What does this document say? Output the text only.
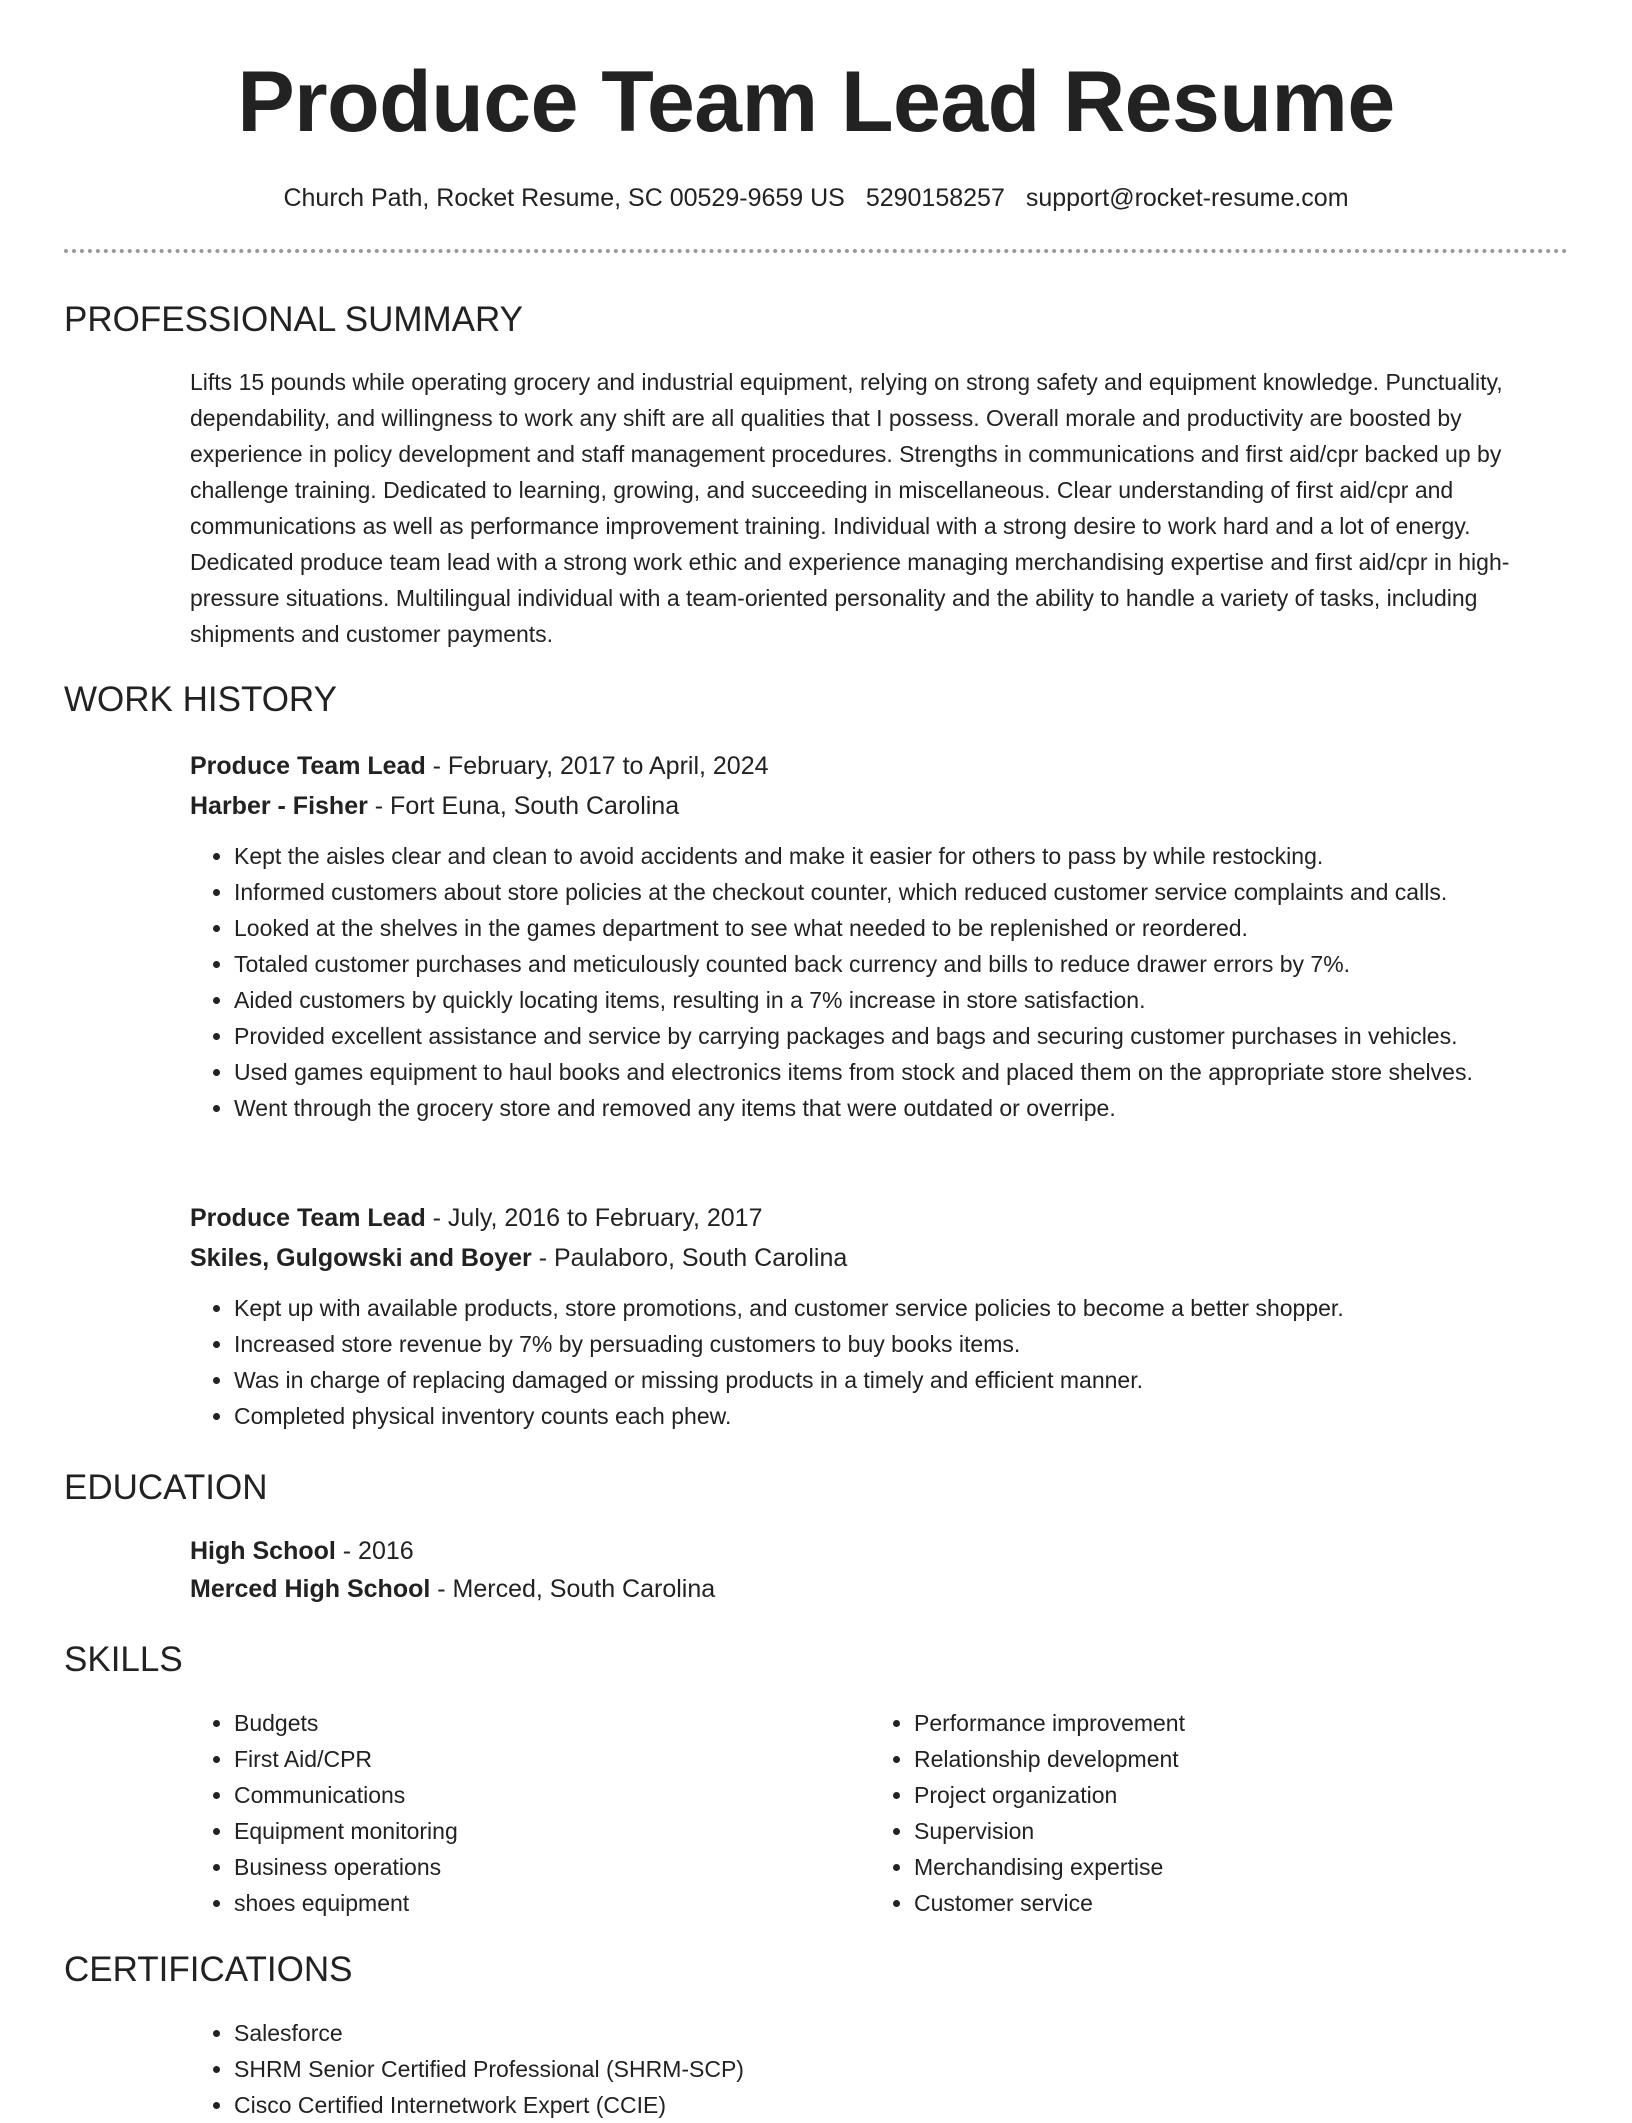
Produce Team Lead Resume
Church Path, Rocket Resume, SC 00529-9659 US 5290158257 support@rocket-resume.com
PROFESSIONAL SUMMARY

Lifts 15 pounds while operating grocery and industrial equipment, relying on strong safety and equipment knowledge. Punctuality, dependability, and willingness to work any shift are all qualities that I possess. Overall morale and productivity are boosted by experience in policy development and staff management procedures. Strengths in communications and first aid/cpr backed up by challenge training. Dedicated to learning, growing, and succeeding in miscellaneous. Clear understanding of first aid/cpr and communications as well as performance improvement training. Individual with a strong desire to work hard and a lot of energy. Dedicated produce team lead with a strong work ethic and experience managing merchandising expertise and first aid/cpr in high-pressure situations. Multilingual individual with a team-oriented personality and the ability to handle a variety of tasks, including shipments and customer payments.

WORK HISTORY

Produce Team Lead - February, 2017 to April, 2024

Harber - Fisher - Fort Euna, South Carolina

• Kept the aisles clear and clean to avoid accidents and make it easier for others to pass by while restocking.
• Informed customers about store policies at the checkout counter, which reduced customer service complaints and calls.
• Looked at the shelves in the games department to see what needed to be replenished or reordered.
• Totaled customer purchases and meticulously counted back currency and bills to reduce drawer errors by 7%.
• Aided customers by quickly locating items, resulting in a 7% increase in store satisfaction.
• Provided excellent assistance and service by carrying packages and bags and securing customer purchases in vehicles.
• Used games equipment to haul books and electronics items from stock and placed them on the appropriate store shelves.
• Went through the grocery store and removed any items that were outdated or overripe.

Produce Team Lead - July, 2016 to February, 2017

Skiles, Gulgowski and Boyer - Paulaboro, South Carolina

• Kept up with available products, store promotions, and customer service policies to become a better shopper.
• Increased store revenue by 7% by persuading customers to buy books items.
• Was in charge of replacing damaged or missing products in a timely and efficient manner.
• Completed physical inventory counts each phew.
EDUCATION

High School - 2016

Merced High School - Merced, South Carolina

SKILLS
• Budgets
• First Aid/CPR
• Communications
• Equipment monitoring
• Business operations
• shoes equipment
• Performance improvement
• Relationship development
• Project organization
• Supervision
• Merchandising expertise
• Customer service
CERTIFICATIONS
• Salesforce
• SHRM Senior Certified Professional (SHRM-SCP)
• Cisco Certified Internetwork Expert (CCIE)
